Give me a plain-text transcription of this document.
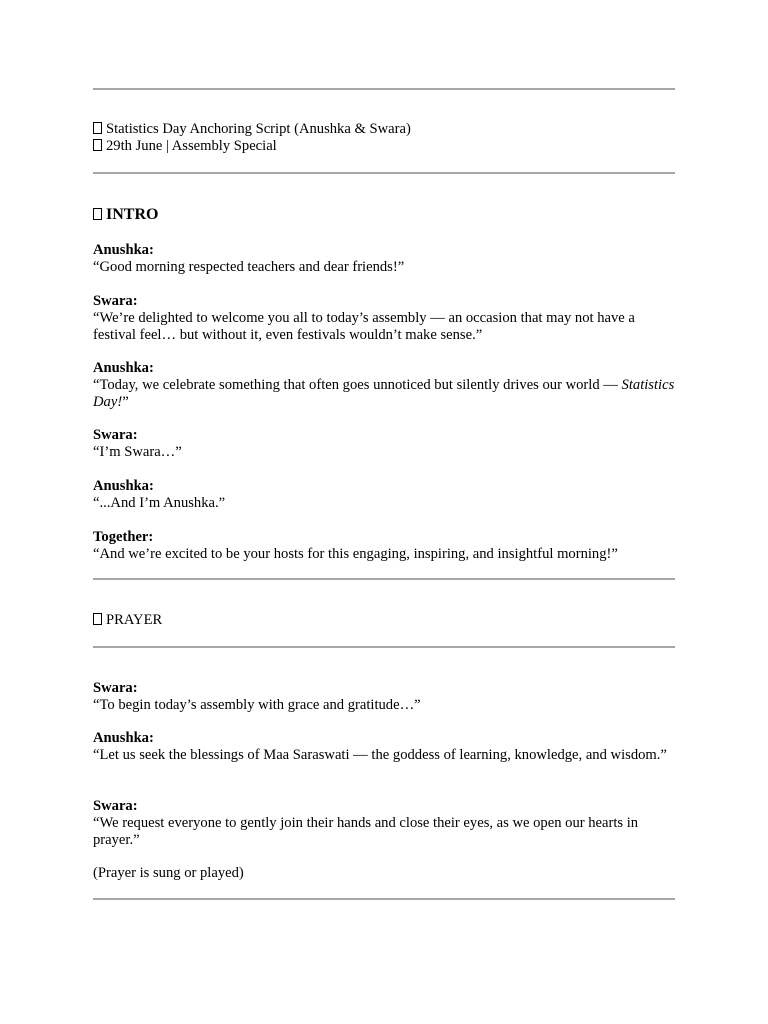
Statistics Day Anchoring Script (Anushka & Swara)
29th June | Assembly Special
INTRO
Anushka:
“Good morning respected teachers and dear friends!”
Swara:
“We’re delighted to welcome you all to today’s assembly — an occasion that may not have a festival feel… but without it, even festivals wouldn’t make sense.”
Anushka:
“Today, we celebrate something that often goes unnoticed but silently drives our world — Statistics Day!”
Swara:
“I’m Swara…”
Anushka:
“...And I’m Anushka.”
Together:
“And we’re excited to be your hosts for this engaging, inspiring, and insightful morning!”
PRAYER
Swara:
“To begin today’s assembly with grace and gratitude…”
Anushka:
“Let us seek the blessings of Maa Saraswati — the goddess of learning, knowledge, and wisdom.”
Swara:
“We request everyone to gently join their hands and close their eyes, as we open our hearts in prayer.”
(Prayer is sung or played)
